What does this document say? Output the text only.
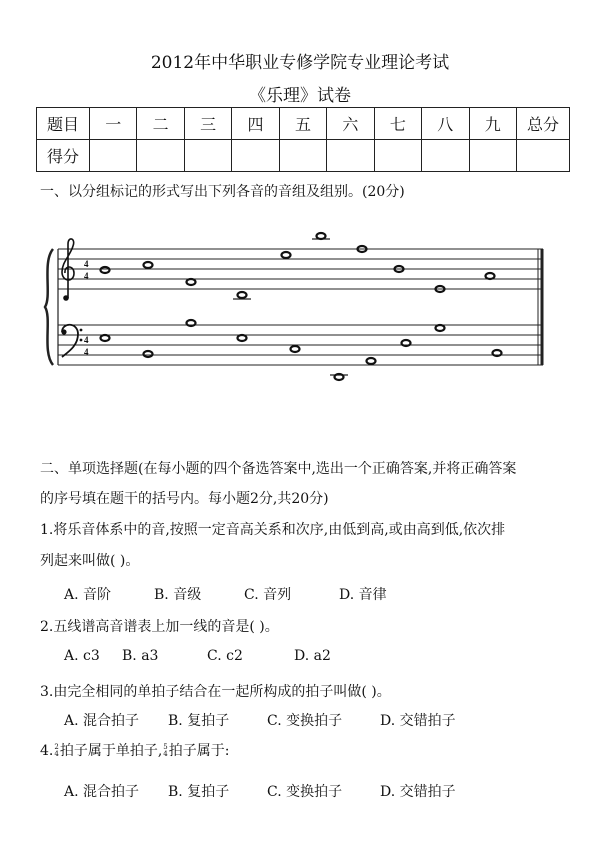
2012年中华职业专修学院专业理论考试
《乐理》试卷
题目	一	二	三	四	五	六	七	八	九	总分
得分										
一、以分组标记的形式写出下列各音的音组及组别。(20分)
4
4
4
4
二、单项选择题(在每小题的四个备选答案中,选出一个正确答案,并将正确答案
的序号填在题干的括号内。每小题2分,共20分)
1.将乐音体系中的音,按照一定音高关系和次序,由低到高,或由高到低,依次排
列起来叫做( )。
A. 音阶	B. 音级	C. 音列	D. 音律
2.五线谱高音谱表上加一线的音是( )。
A. c3 B. a3	C. c2	D. a2
3.由完全相同的单拍子结合在一起所构成的拍子叫做( )。
A. 混合拍子 B. 复拍子	C. 变换拍子	D. 交错拍子
4. 2
4 拍子属于单拍子, 5
4 拍子属于:
A. 混合拍子 B. 复拍子	C. 变换拍子	D. 交错拍子
